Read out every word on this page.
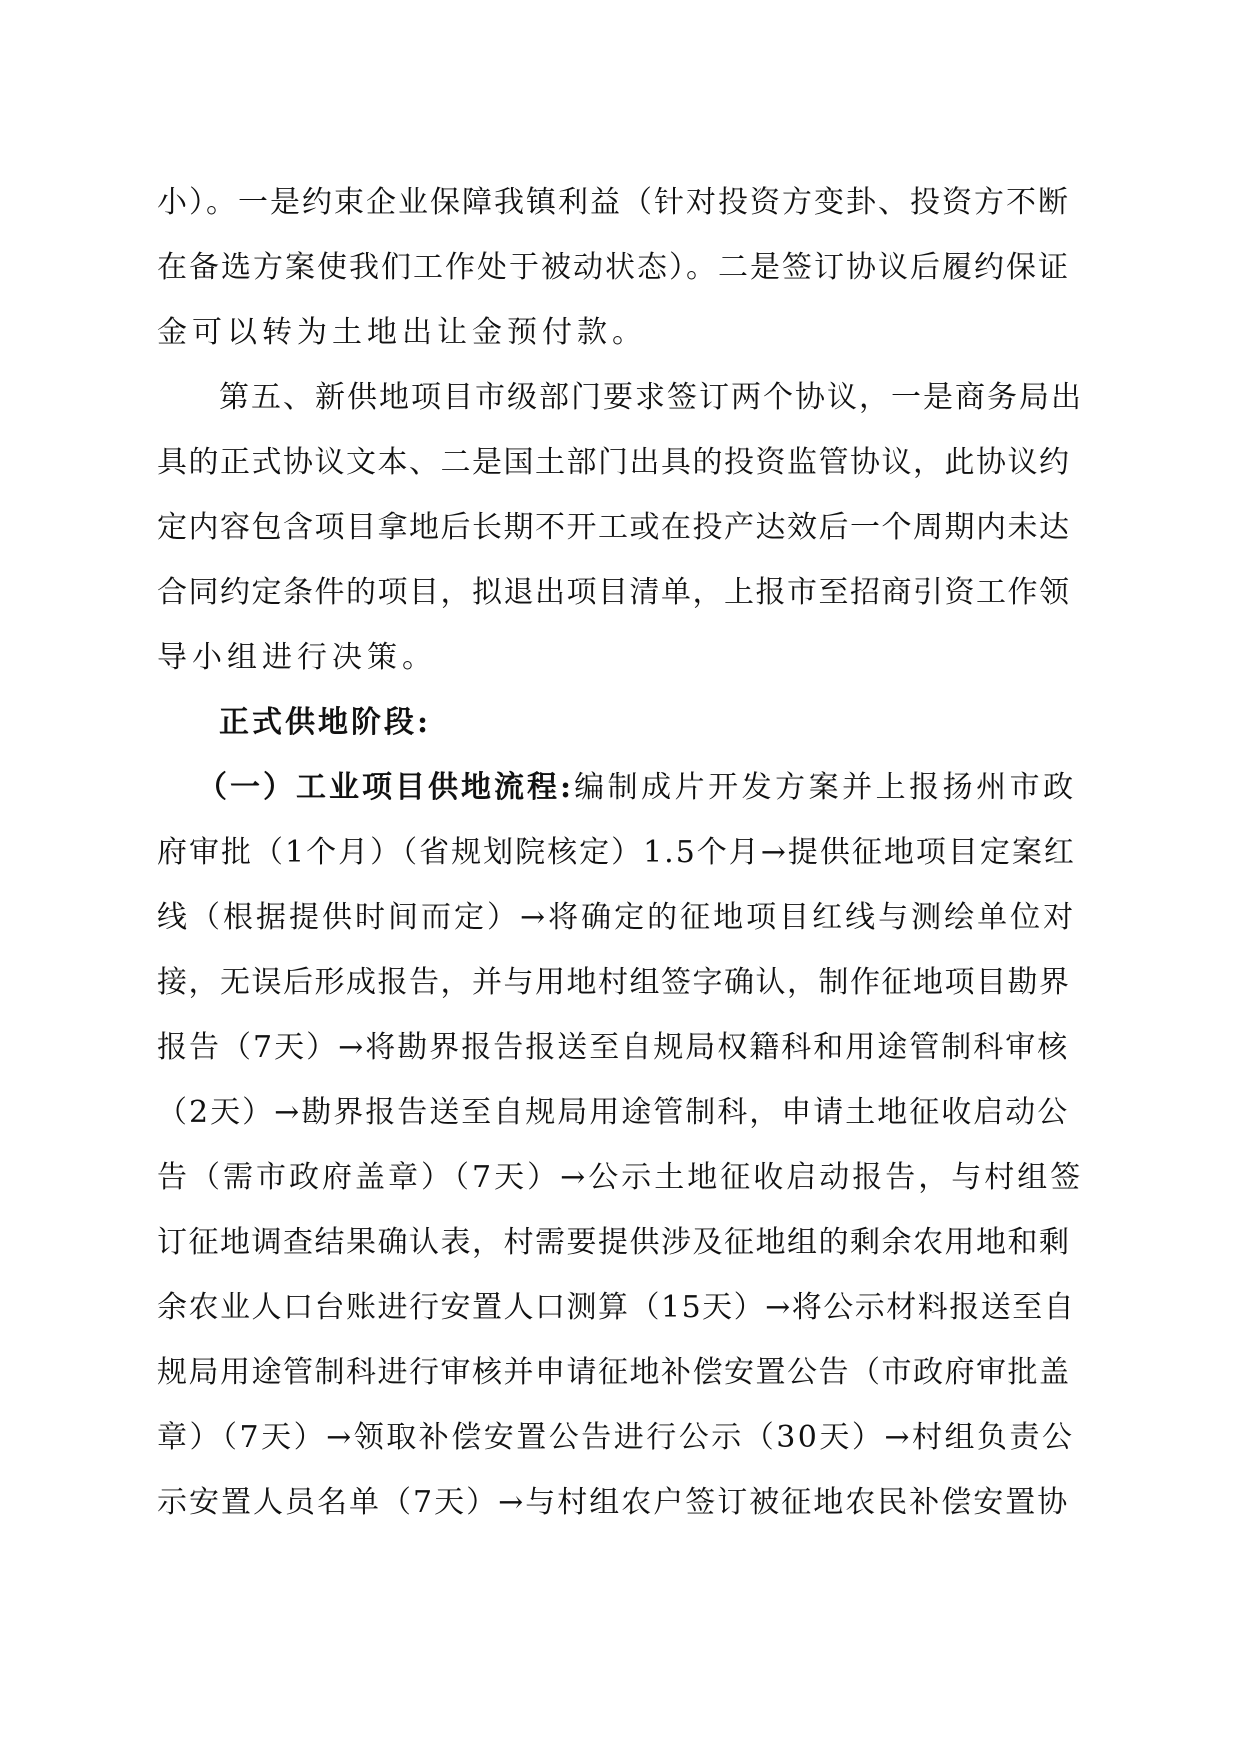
小）。一是约束企业保障我镇利益（针对投资方变卦、投资方不断
在备选方案使我们工作处于被动状态）。二是签订协议后履约保证
金可以转为土地出让金预付款。
第五、新供地项目市级部门要求签订两个协议，一是商务局出
具的正式协议文本、二是国土部门出具的投资监管协议，此协议约
定内容包含项目拿地后长期不开工或在投产达效后一个周期内未达
合同约定条件的项目，拟退出项目清单，上报市至招商引资工作领
导小组进行决策。
正式供地阶段:
（一）工业项目供地流程:编制成片开发方案并上报扬州市政
府审批（1个月）（省规划院核定）1.5个月→提供征地项目定案红
线（根据提供时间而定）→将确定的征地项目红线与测绘单位对
接，无误后形成报告，并与用地村组签字确认，制作征地项目勘界
报告（7天）→将勘界报告报送至自规局权籍科和用途管制科审核
（2天）→勘界报告送至自规局用途管制科，申请土地征收启动公
告（需市政府盖章）（7天）→公示土地征收启动报告，与村组签
订征地调查结果确认表，村需要提供涉及征地组的剩余农用地和剩
余农业人口台账进行安置人口测算（15天）→将公示材料报送至自
规局用途管制科进行审核并申请征地补偿安置公告（市政府审批盖
章）（7天）→领取补偿安置公告进行公示（30天）→村组负责公
示安置人员名单（7天）→与村组农户签订被征地农民补偿安置协
